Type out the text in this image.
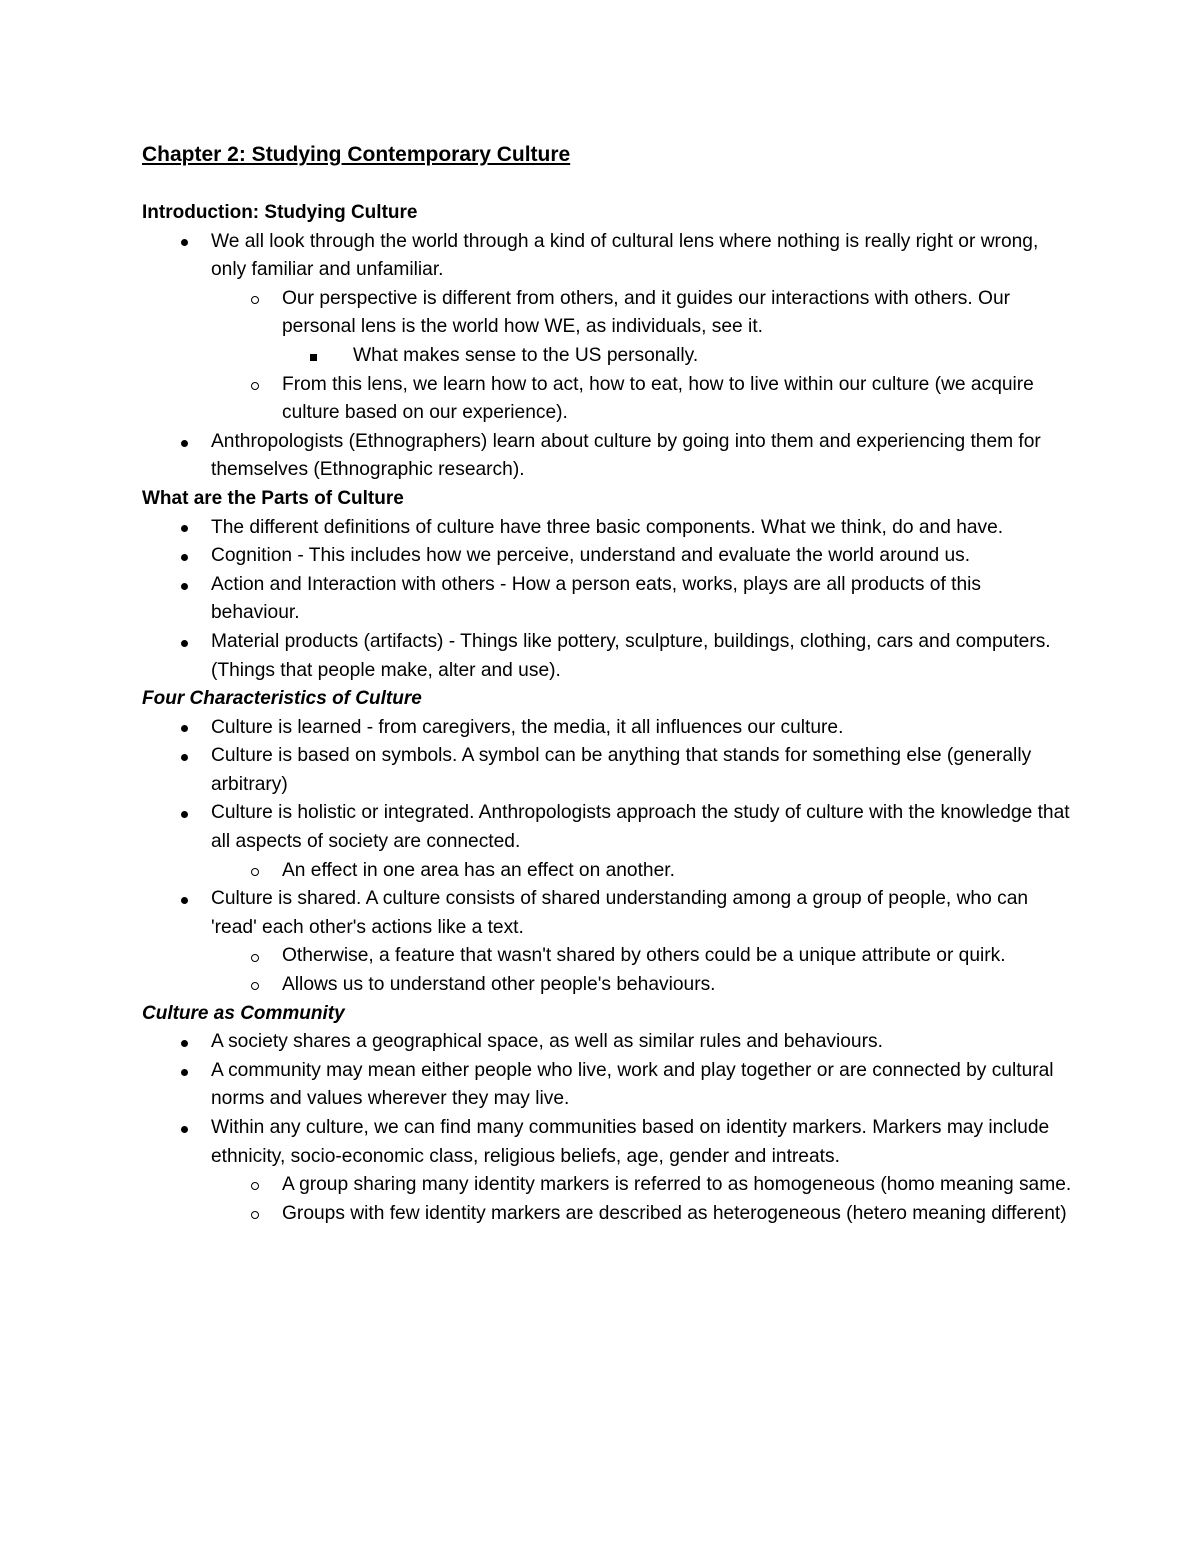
Chapter 2: Studying Contemporary Culture
Introduction: Studying Culture
We all look through the world through a kind of cultural lens where nothing is really right or wrong, only familiar and unfamiliar.
Our perspective is different from others, and it guides our interactions with others. Our personal lens is the world how WE, as individuals, see it.
What makes sense to the US personally.
From this lens, we learn how to act, how to eat, how to live within our culture (we acquire culture based on our experience).
Anthropologists (Ethnographers) learn about culture by going into them and experiencing them for themselves (Ethnographic research).
What are the Parts of Culture
The different definitions of culture have three basic components. What we think, do and have.
Cognition - This includes how we perceive, understand and evaluate the world around us.
Action and Interaction with others - How a person eats, works, plays are all products of this behaviour.
Material products (artifacts) - Things like pottery, sculpture, buildings, clothing, cars and computers. (Things that people make, alter and use).
Four Characteristics of Culture
Culture is learned - from caregivers, the media, it all influences our culture.
Culture is based on symbols. A symbol can be anything that stands for something else (generally arbitrary)
Culture is holistic or integrated. Anthropologists approach the study of culture with the knowledge that all aspects of society are connected.
An effect in one area has an effect on another.
Culture is shared. A culture consists of shared understanding among a group of people, who can 'read' each other's actions like a text.
Otherwise, a feature that wasn't shared by others could be a unique attribute or quirk.
Allows us to understand other people's behaviours.
Culture as Community
A society shares a geographical space, as well as similar rules and behaviours.
A community may mean either people who live, work and play together or are connected by cultural norms and values wherever they may live.
Within any culture, we can find many communities based on identity markers. Markers may include ethnicity, socio-economic class, religious beliefs, age, gender and intreats.
A group sharing many identity markers is referred to as homogeneous (homo meaning same.
Groups with few identity markers are described as heterogeneous (hetero meaning different)
